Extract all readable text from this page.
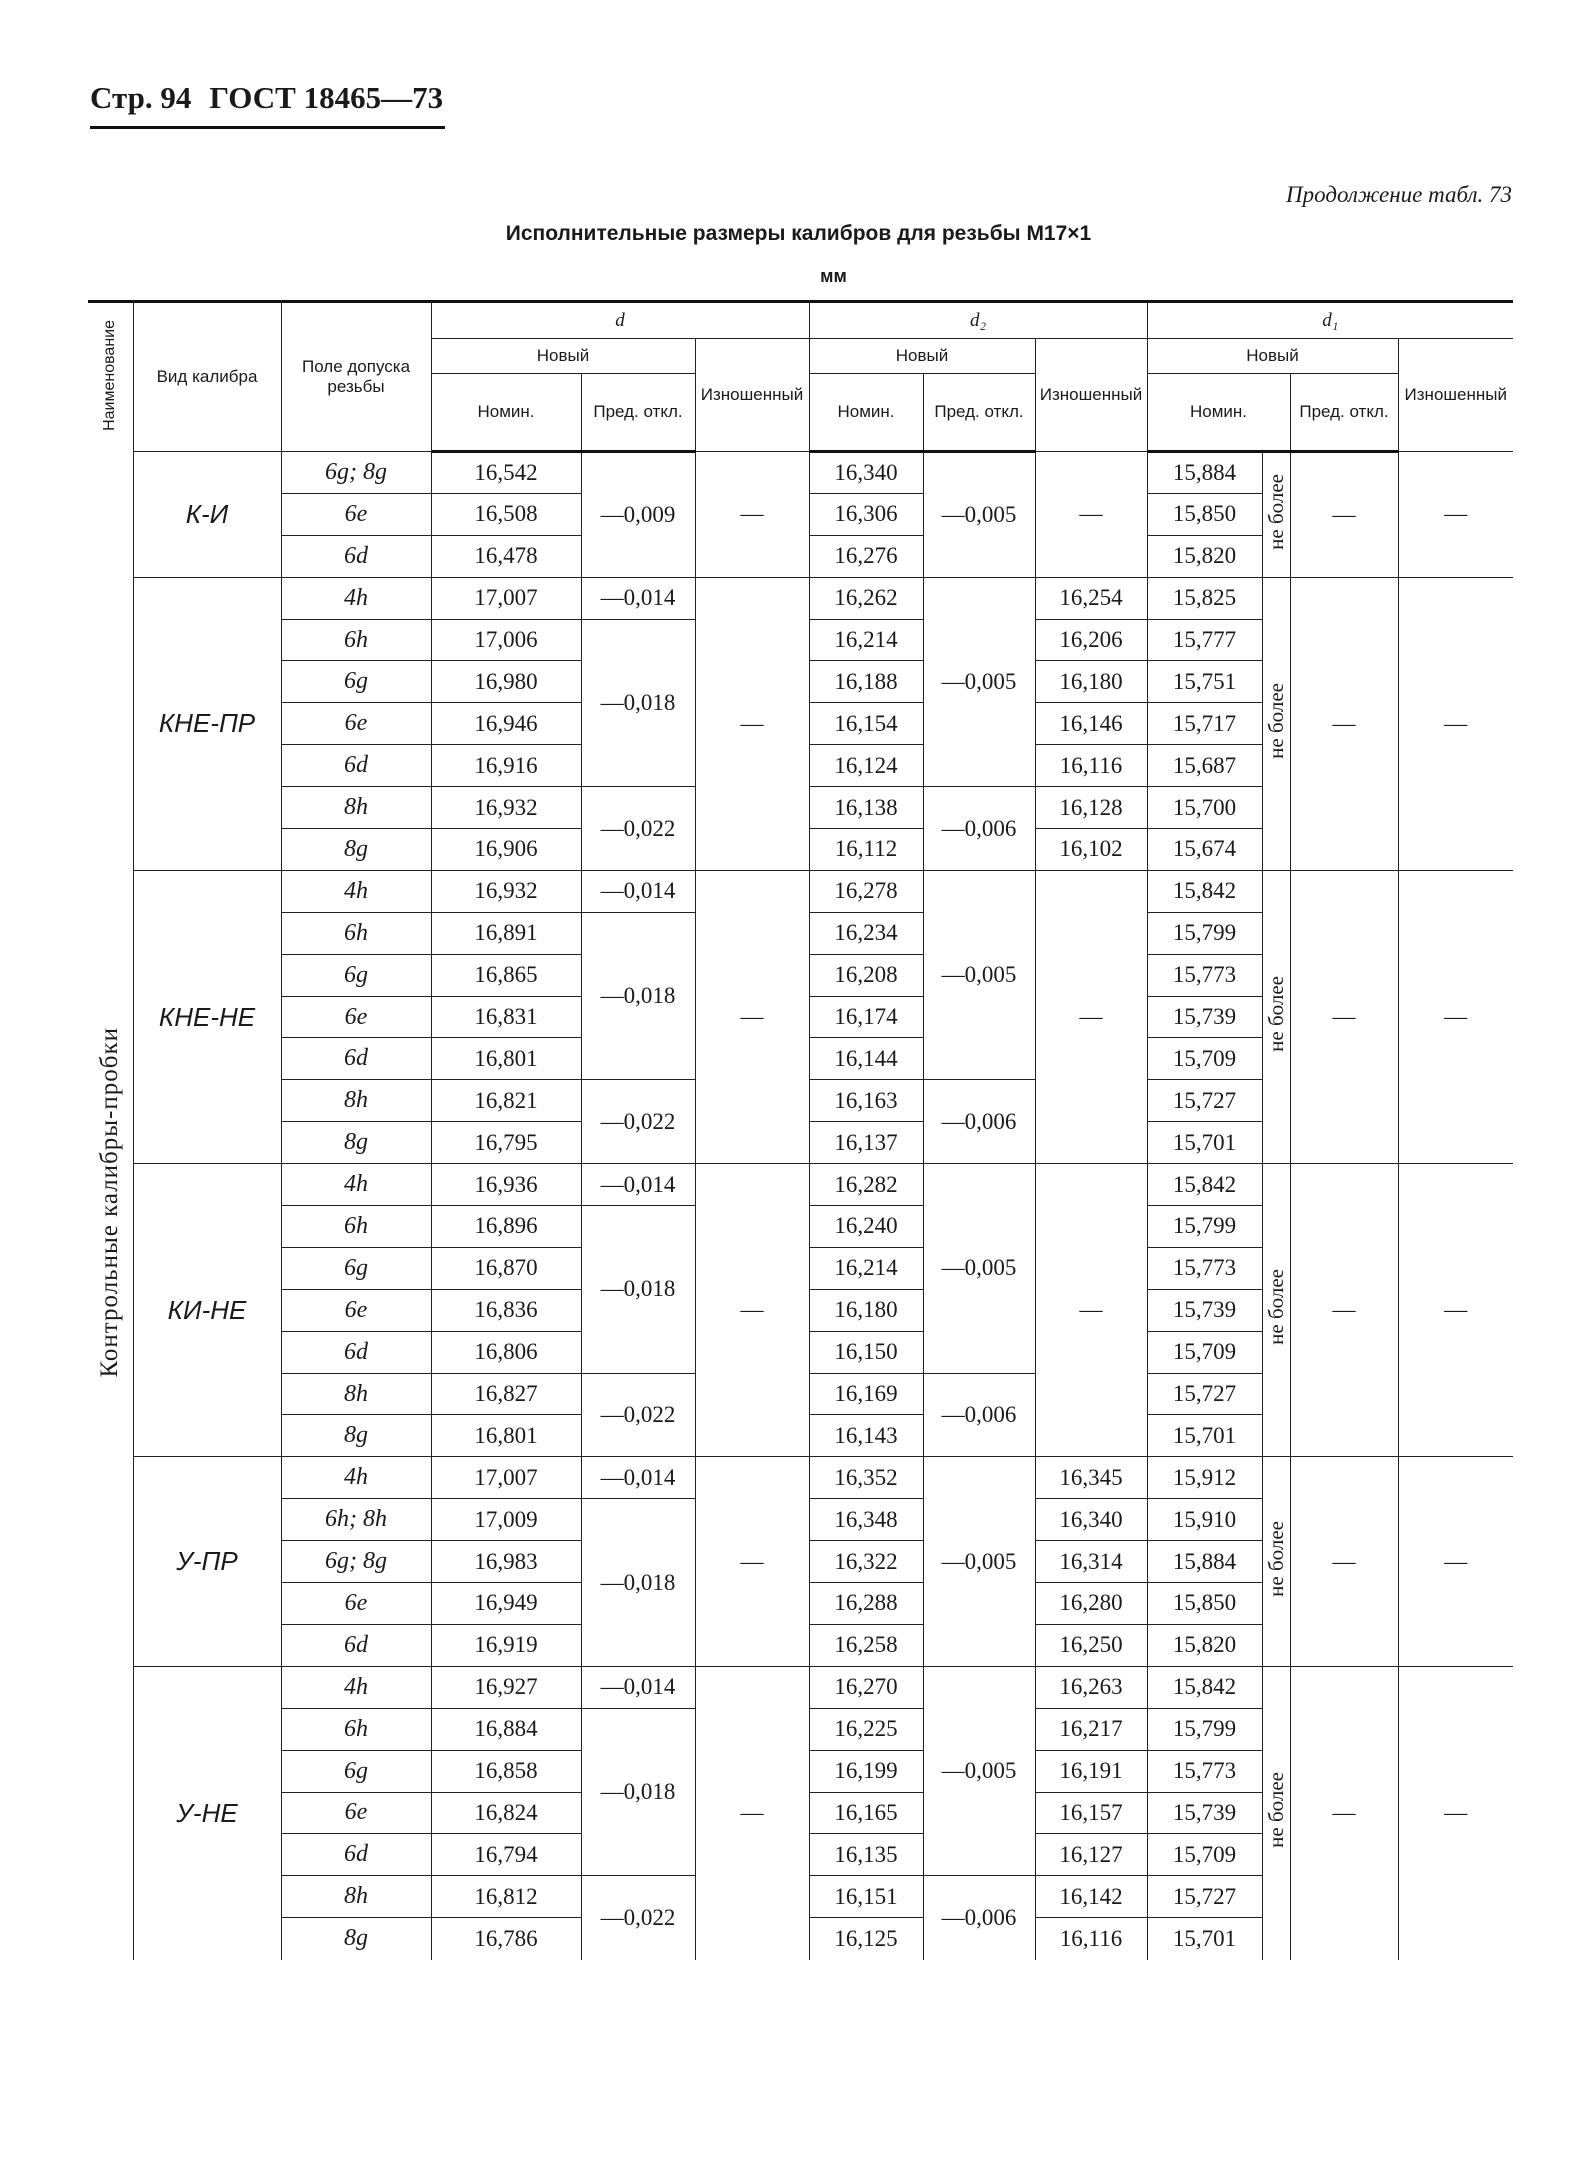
Стр. 94 ГОСТ 18465—73
Продолжение табл. 73
Исполнительные размеры калибров для резьбы М17×1
мм
Наименование	Вид калибра	Поле допуска резьбы	d			d₂			d₁			
			Новый		Изношенный	Новый		Изношенный	Новый			Изношенный
			Номин.	Пред. откл.		Номин.	Пред. откл.		Номин.		Пред. откл.	
Контрольные калибры-пробки	К-И	6g; 8g	16,542	—0,009	—	16,340	—0,005	—	15,884	не более	—	—
		6e	16,508			16,306			15,850			
		6d	16,478			16,276			15,820			
	КНЕ-ПР	4h	17,007	—0,014	—	16,262	—0,005	16,254	15,825	не более	—	—
		6h	17,006	—0,018		16,214		16,206	15,777			
		6g	16,980			16,188		16,180	15,751			
		6e	16,946			16,154		16,146	15,717			
		6d	16,916			16,124		16,116	15,687			
		8h	16,932	—0,022		16,138	—0,006	16,128	15,700			
		8g	16,906			16,112		16,102	15,674			
	КНЕ-НЕ	4h	16,932	—0,014	—	16,278	—0,005	—	15,842	не более	—	—
		6h	16,891	—0,018		16,234			15,799			
		6g	16,865			16,208			15,773			
		6e	16,831			16,174			15,739			
		6d	16,801			16,144			15,709			
		8h	16,821	—0,022		16,163	—0,006		15,727			
		8g	16,795			16,137			15,701			
	КИ-НЕ	4h	16,936	—0,014	—	16,282	—0,005	—	15,842	не более	—	—
		6h	16,896	—0,018		16,240			15,799			
		6g	16,870			16,214			15,773			
		6e	16,836			16,180			15,739			
		6d	16,806			16,150			15,709			
		8h	16,827	—0,022		16,169	—0,006		15,727			
		8g	16,801			16,143			15,701			
	У-ПР	4h	17,007	—0,014	—	16,352	—0,005	16,345	15,912	не более	—	—
		6h; 8h	17,009	—0,018		16,348		16,340	15,910			
		6g; 8g	16,983			16,322		16,314	15,884			
		6e	16,949			16,288		16,280	15,850			
		6d	16,919			16,258		16,250	15,820			
	У-НЕ	4h	16,927	—0,014	—	16,270	—0,005	16,263	15,842	не более	—	—
		6h	16,884	—0,018		16,225		16,217	15,799			
		6g	16,858			16,199		16,191	15,773			
		6e	16,824			16,165		16,157	15,739			
		6d	16,794			16,135		16,127	15,709			
		8h	16,812	—0,022		16,151	—0,006	16,142	15,727			
		8g	16,786			16,125		16,116	15,701			
